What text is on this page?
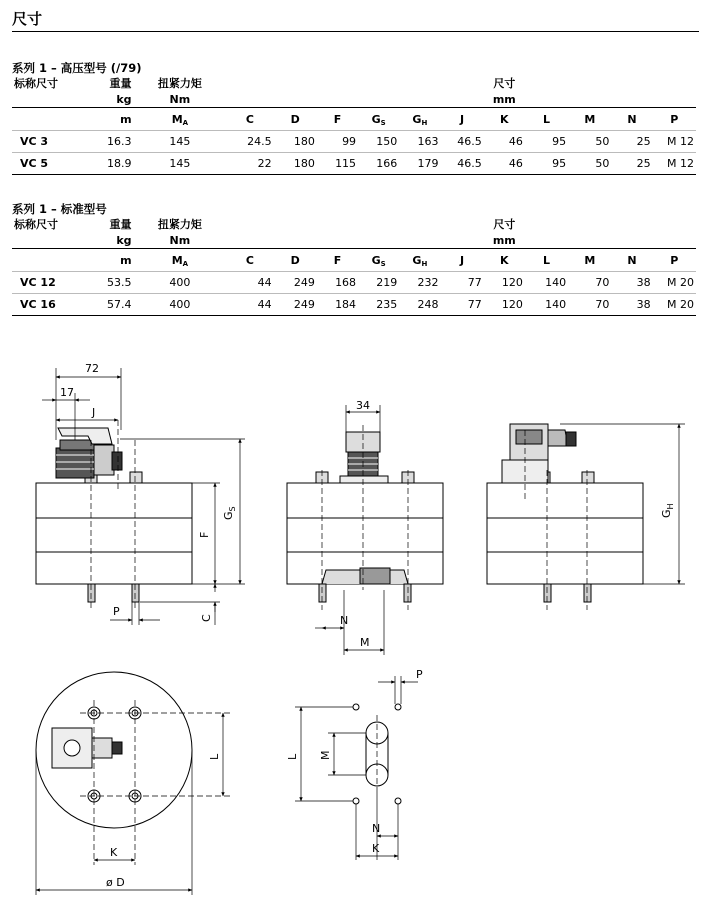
尺寸
系列 1 – 高压型号 (/79)
标称尺寸	重量	扭紧力矩							尺寸				
	kg	Nm							mm				
	m	$M_A$	C	D	F	$G_S$	$G_H$	J	K	L	M	N	P
VC 3	16.3	145	24.5	180	99	150	163	46.5	46	95	50	25	M 12
VC 5	18.9	145	22	180	115	166	179	46.5	46	95	50	25	M 12
系列 1 – 标准型号
标称尺寸	重量	扭紧力矩							尺寸				
	kg	Nm							mm				
	m	$M_A$	C	D	F	$G_S$	$G_H$	J	K	L	M	N	P
VC 12	53.5	400	44	249	168	219	232	77	120	140	70	38	M 20
VC 16	57.4	400	44	249	184	235	248	77	120	140	70	38	M 20
72
17
J
$G_S$
F
C
P
34
N
M
$G_H$
L
K
ø D
L M
P
N
K
